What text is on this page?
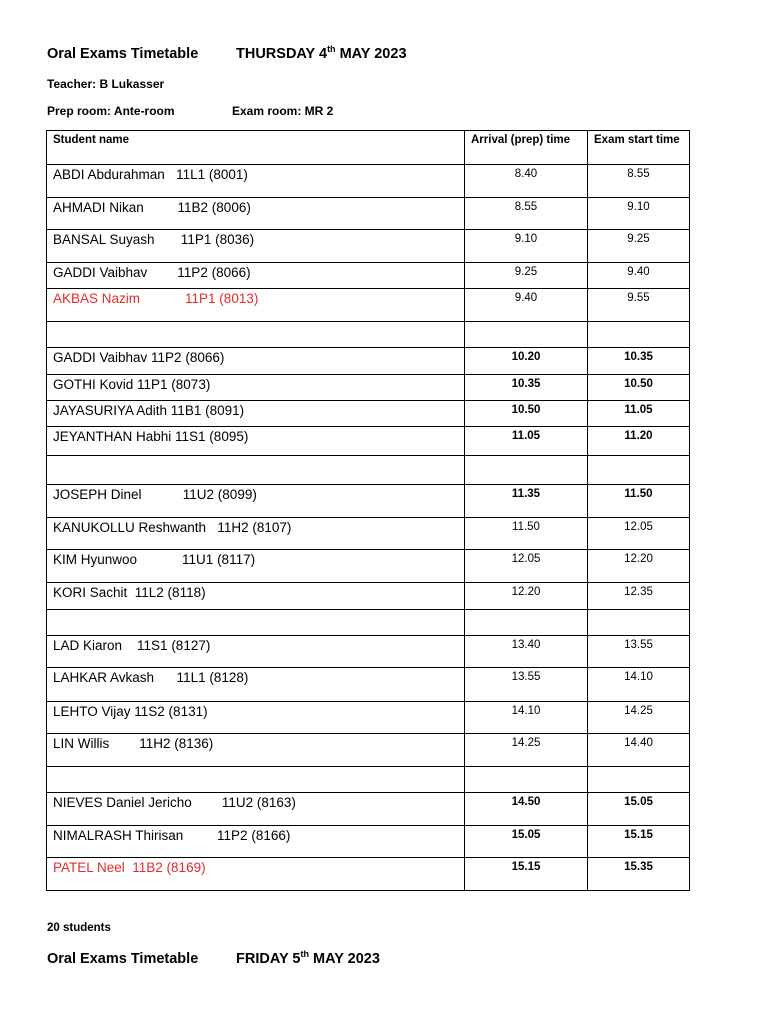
Oral Exams Timetable	THURSDAY 4th MAY 2023
Teacher: B Lukasser
Prep room: Ante-room	Exam room: MR 2
Student name	Arrival (prep) time	Exam start time
ABDI Abdurahman   11L1 (8001)	8.40	8.55
AHMADI Nikan         11B2 (8006)	8.55	9.10
BANSAL Suyash       11P1 (8036)	9.10	9.25
GADDI Vaibhav        11P2 (8066)	9.25	9.40
AKBAS Nazim            11P1 (8013)	9.40	9.55

GADDI Vaibhav 11P2 (8066)	10.20	10.35
GOTHI Kovid 11P1 (8073)	10.35	10.50
JAYASURIYA Adith 11B1 (8091)	10.50	11.05
JEYANTHAN Habhi 11S1 (8095)	11.05	11.20

JOSEPH Dinel           11U2 (8099)	11.35	11.50
KANUKOLLU Reshwanth   11H2 (8107)	11.50	12.05
KIM Hyunwoo            11U1 (8117)	12.05	12.20
KORI Sachit  11L2 (8118)	12.20	12.35

LAD Kiaron    11S1 (8127)	13.40	13.55
LAHKAR Avkash      11L1 (8128)	13.55	14.10
LEHTO Vijay 11S2 (8131)	14.10	14.25
LIN Willis        11H2 (8136)	14.25	14.40

NIEVES Daniel Jericho        11U2 (8163)	14.50	15.05
NIMALRASH Thirisan         11P2 (8166)	15.05	15.15
PATEL Neel  11B2 (8169)	15.15	15.35
20 students
Oral Exams Timetable	FRIDAY 5th MAY 2023
